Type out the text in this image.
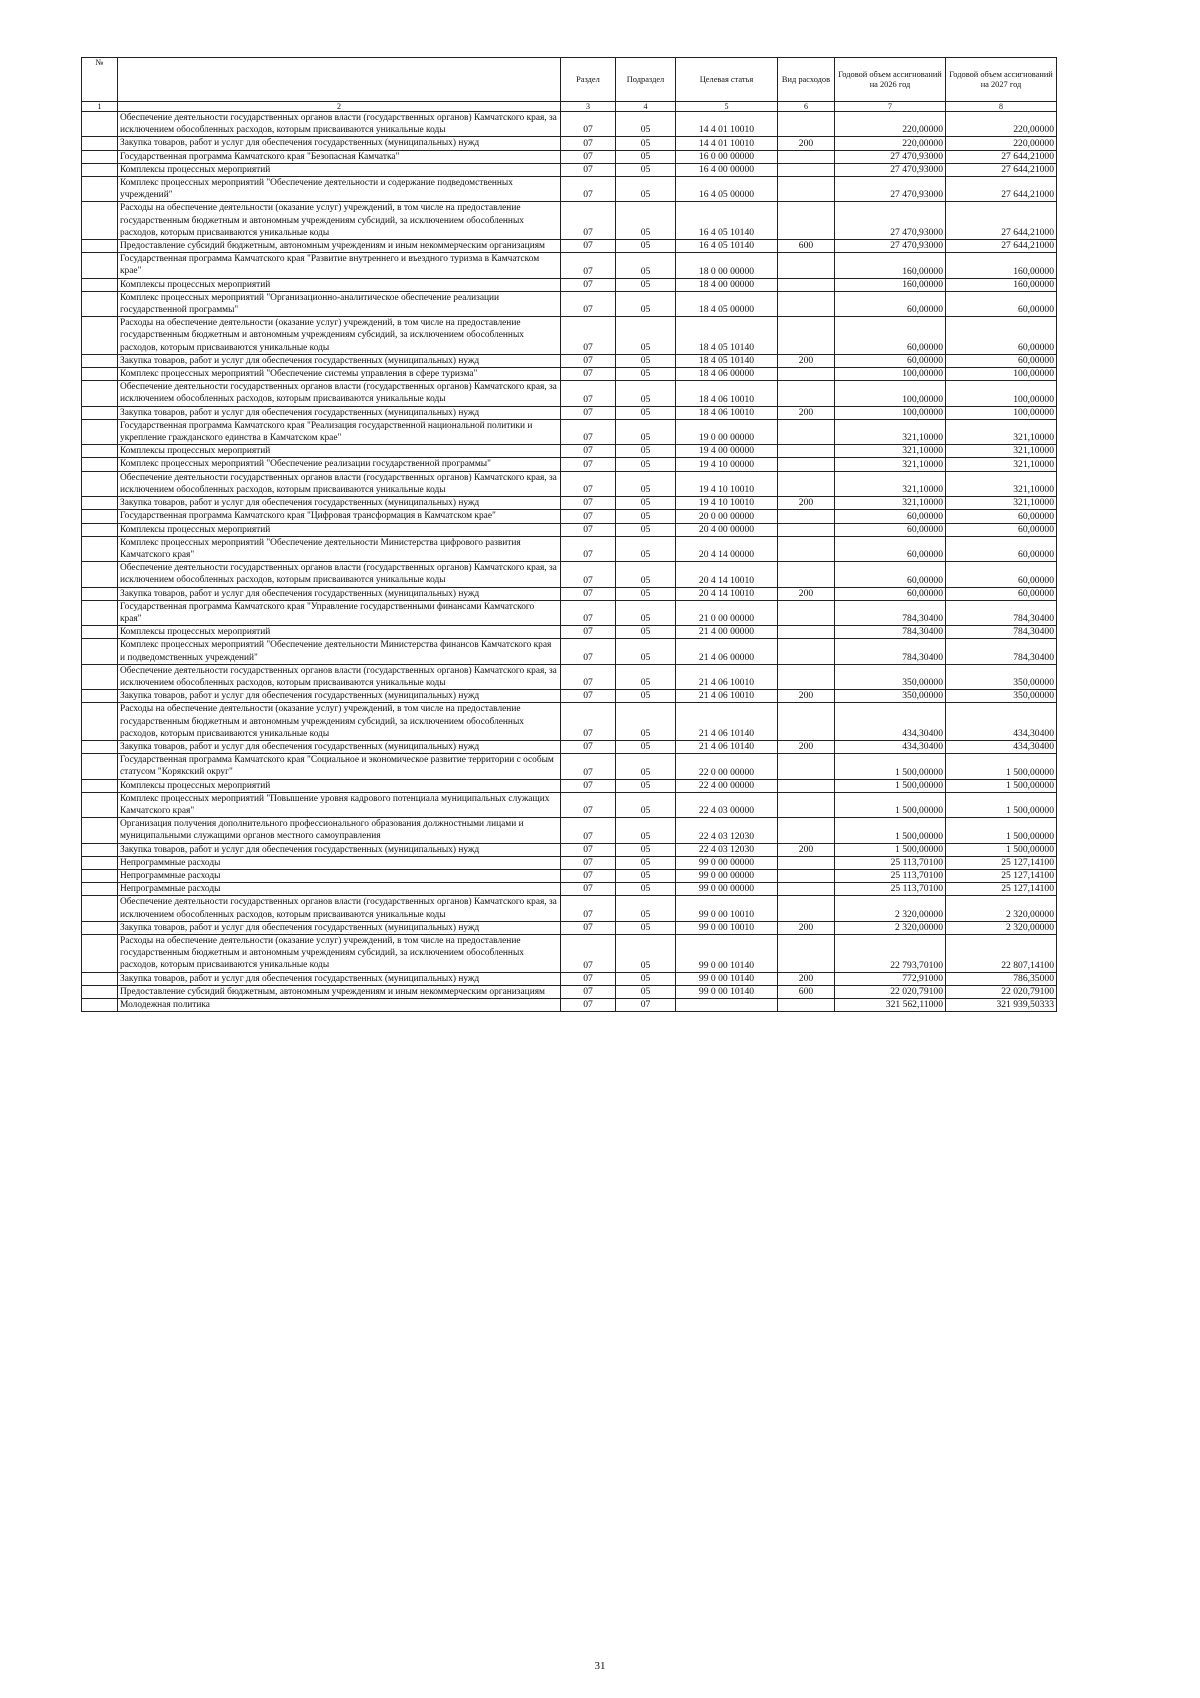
№		Раздел	Подраздел	Целевая статья	Вид расходов	Годовой объем ассигнований на 2026 год	Годовой объем ассигнований на 2027 год
1	2	3	4	5	6	7	8
	Обеспечение деятельности государственных органов власти (государственных органов) Камчатского края, за исключением обособленных расходов, которым присваиваются уникальные коды	07	05	14 4 01 10010		220,00000	220,00000
	Закупка товаров, работ и услуг для обеспечения государственных (муниципальных) нужд	07	05	14 4 01 10010	200	220,00000	220,00000
	Государственная программа Камчатского края "Безопасная Камчатка"	07	05	16 0 00 00000		27 470,93000	27 644,21000
	Комплексы процессных мероприятий	07	05	16 4 00 00000		27 470,93000	27 644,21000
	Комплекс процессных мероприятий "Обеспечение деятельности и содержание подведомственных учреждений"	07	05	16 4 05 00000		27 470,93000	27 644,21000
	Расходы на обеспечение деятельности (оказание услуг) учреждений, в том числе на предоставление государственным бюджетным и автономным учреждениям субсидий, за исключением обособленных расходов, которым присваиваются уникальные коды	07	05	16 4 05 10140		27 470,93000	27 644,21000
	Предоставление субсидий бюджетным, автономным учреждениям и иным некоммерческим организациям	07	05	16 4 05 10140	600	27 470,93000	27 644,21000
	Государственная программа Камчатского края "Развитие внутреннего и въездного туризма в Камчатском крае"	07	05	18 0 00 00000		160,00000	160,00000
	Комплексы процессных мероприятий	07	05	18 4 00 00000		160,00000	160,00000
	Комплекс процессных мероприятий "Организационно-аналитическое обеспечение реализации государственной программы"	07	05	18 4 05 00000		60,00000	60,00000
	Расходы на обеспечение деятельности (оказание услуг) учреждений, в том числе на предоставление государственным бюджетным и автономным учреждениям субсидий, за исключением обособленных расходов, которым присваиваются уникальные коды	07	05	18 4 05 10140		60,00000	60,00000
	Закупка товаров, работ и услуг для обеспечения государственных (муниципальных) нужд	07	05	18 4 05 10140	200	60,00000	60,00000
	Комплекс процессных мероприятий "Обеспечение системы управления в сфере туризма"	07	05	18 4 06 00000		100,00000	100,00000
	Обеспечение деятельности государственных органов власти (государственных органов) Камчатского края, за исключением обособленных расходов, которым присваиваются уникальные коды	07	05	18 4 06 10010		100,00000	100,00000
	Закупка товаров, работ и услуг для обеспечения государственных (муниципальных) нужд	07	05	18 4 06 10010	200	100,00000	100,00000
	Государственная программа Камчатского края "Реализация государственной национальной политики и укрепление гражданского единства в Камчатском крае"	07	05	19 0 00 00000		321,10000	321,10000
	Комплексы процессных мероприятий	07	05	19 4 00 00000		321,10000	321,10000
	Комплекс процессных мероприятий "Обеспечение реализации государственной программы"	07	05	19 4 10 00000		321,10000	321,10000
	Обеспечение деятельности государственных органов власти (государственных органов) Камчатского края, за исключением обособленных расходов, которым присваиваются уникальные коды	07	05	19 4 10 10010		321,10000	321,10000
	Закупка товаров, работ и услуг для обеспечения государственных (муниципальных) нужд	07	05	19 4 10 10010	200	321,10000	321,10000
	Государственная программа Камчатского края "Цифровая трансформация в Камчатском крае"	07	05	20 0 00 00000		60,00000	60,00000
	Комплексы процессных мероприятий	07	05	20 4 00 00000		60,00000	60,00000
	Комплекс процессных мероприятий "Обеспечение деятельности Министерства цифрового развития Камчатского края"	07	05	20 4 14 00000		60,00000	60,00000
	Обеспечение деятельности государственных органов власти (государственных органов) Камчатского края, за исключением обособленных расходов, которым присваиваются уникальные коды	07	05	20 4 14 10010		60,00000	60,00000
	Закупка товаров, работ и услуг для обеспечения государственных (муниципальных) нужд	07	05	20 4 14 10010	200	60,00000	60,00000
	Государственная программа Камчатского края "Управление государственными финансами Камчатского края"	07	05	21 0 00 00000		784,30400	784,30400
	Комплексы процессных мероприятий	07	05	21 4 00 00000		784,30400	784,30400
	Комплекс процессных мероприятий "Обеспечение деятельности Министерства финансов Камчатского края и подведомственных учреждений"	07	05	21 4 06 00000		784,30400	784,30400
	Обеспечение деятельности государственных органов власти (государственных органов) Камчатского края, за исключением обособленных расходов, которым присваиваются уникальные коды	07	05	21 4 06 10010		350,00000	350,00000
	Закупка товаров, работ и услуг для обеспечения государственных (муниципальных) нужд	07	05	21 4 06 10010	200	350,00000	350,00000
	Расходы на обеспечение деятельности (оказание услуг) учреждений, в том числе на предоставление государственным бюджетным и автономным учреждениям субсидий, за исключением обособленных расходов, которым присваиваются уникальные коды	07	05	21 4 06 10140		434,30400	434,30400
	Закупка товаров, работ и услуг для обеспечения государственных (муниципальных) нужд	07	05	21 4 06 10140	200	434,30400	434,30400
	Государственная программа Камчатского края "Социальное и экономическое развитие территории с особым статусом "Корякский округ"	07	05	22 0 00 00000		1 500,00000	1 500,00000
	Комплексы процессных мероприятий	07	05	22 4 00 00000		1 500,00000	1 500,00000
	Комплекс процессных мероприятий "Повышение уровня кадрового потенциала муниципальных служащих Камчатского края"	07	05	22 4 03 00000		1 500,00000	1 500,00000
	Организация получения дополнительного профессионального образования должностными лицами и муниципальными служащими органов местного самоуправления	07	05	22 4 03 12030		1 500,00000	1 500,00000
	Закупка товаров, работ и услуг для обеспечения государственных (муниципальных) нужд	07	05	22 4 03 12030	200	1 500,00000	1 500,00000
	Непрограммные расходы	07	05	99 0 00 00000		25 113,70100	25 127,14100
	Непрограммные расходы	07	05	99 0 00 00000		25 113,70100	25 127,14100
	Непрограммные расходы	07	05	99 0 00 00000		25 113,70100	25 127,14100
	Обеспечение деятельности государственных органов власти (государственных органов) Камчатского края, за исключением обособленных расходов, которым присваиваются уникальные коды	07	05	99 0 00 10010		2 320,00000	2 320,00000
	Закупка товаров, работ и услуг для обеспечения государственных (муниципальных) нужд	07	05	99 0 00 10010	200	2 320,00000	2 320,00000
	Расходы на обеспечение деятельности (оказание услуг) учреждений, в том числе на предоставление государственным бюджетным и автономным учреждениям субсидий, за исключением обособленных расходов, которым присваиваются уникальные коды	07	05	99 0 00 10140		22 793,70100	22 807,14100
	Закупка товаров, работ и услуг для обеспечения государственных (муниципальных) нужд	07	05	99 0 00 10140	200	772,91000	786,35000
	Предоставление субсидий бюджетным, автономным учреждениям и иным некоммерческим организациям	07	05	99 0 00 10140	600	22 020,79100	22 020,79100
	Молодежная политика	07	07			321 562,11000	321 939,50333
31
